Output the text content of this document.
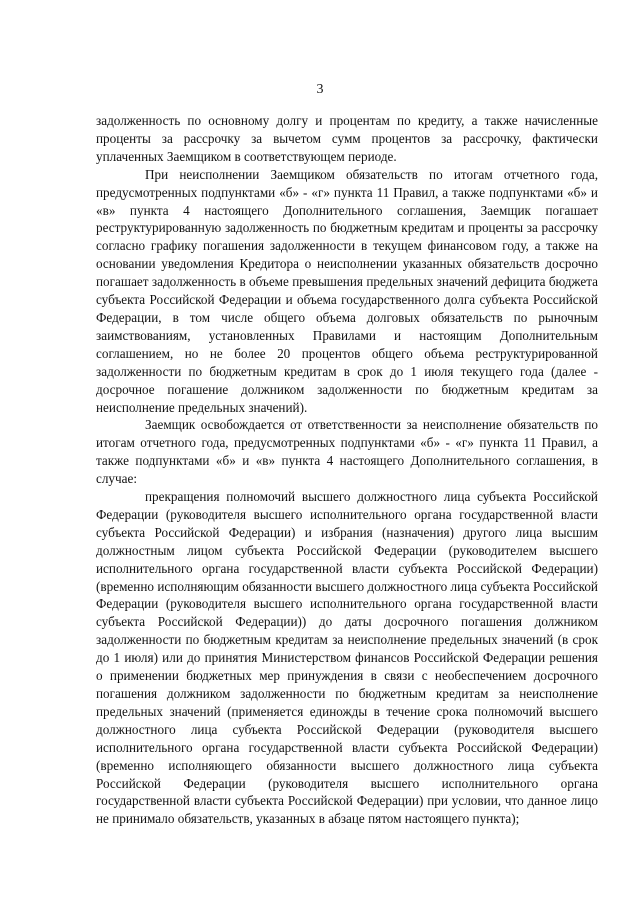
3

задолженность по основному долгу и процентам по кредиту, а также начисленные проценты за рассрочку за вычетом сумм процентов за рассрочку, фактически уплаченных Заемщиком в соответствующем периоде.

При неисполнении Заемщиком обязательств по итогам отчетного года, предусмотренных подпунктами «б» - «г» пункта 11 Правил, а также подпунктами «б» и «в» пункта 4 настоящего Дополнительного соглашения, Заемщик погашает реструктурированную задолженность по бюджетным кредитам и проценты за рассрочку согласно графику погашения задолженности в текущем финансовом году, а также на основании уведомления Кредитора о неисполнении указанных обязательств досрочно погашает задолженность в объеме превышения предельных значений дефицита бюджета субъекта Российской Федерации и объема государственного долга субъекта Российской Федерации, в том числе общего объема долговых обязательств по рыночным заимствованиям, установленных Правилами и настоящим Дополнительным соглашением, но не более 20 процентов общего объема реструктурированной задолженности по бюджетным кредитам в срок до 1 июля текущего года (далее - досрочное погашение должником задолженности по бюджетным кредитам за неисполнение предельных значений).

Заемщик освобождается от ответственности за неисполнение обязательств по итогам отчетного года, предусмотренных подпунктами «б» - «г» пункта 11 Правил, а также подпунктами «б» и «в» пункта 4 настоящего Дополнительного соглашения, в случае:

прекращения полномочий высшего должностного лица субъекта Российской Федерации (руководителя высшего исполнительного органа государственной власти субъекта Российской Федерации) и избрания (назначения) другого лица высшим должностным лицом субъекта Российской Федерации (руководителем высшего исполнительного органа государственной власти субъекта Российской Федерации) (временно исполняющим обязанности высшего должностного лица субъекта Российской Федерации (руководителя высшего исполнительного органа государственной власти субъекта Российской Федерации)) до даты досрочного погашения должником задолженности по бюджетным кредитам за неисполнение предельных значений (в срок до 1 июля) или до принятия Министерством финансов Российской Федерации решения о применении бюджетных мер принуждения в связи с необеспечением досрочного погашения должником задолженности по бюджетным кредитам за неисполнение предельных значений (применяется единожды в течение срока полномочий высшего должностного лица субъекта Российской Федерации (руководителя высшего исполнительного органа государственной власти субъекта Российской Федерации) (временно исполняющего обязанности высшего должностного лица субъекта Российской Федерации (руководителя высшего исполнительного органа государственной власти субъекта Российской Федерации) при условии, что данное лицо не принимало обязательств, указанных в абзаце пятом настоящего пункта);
